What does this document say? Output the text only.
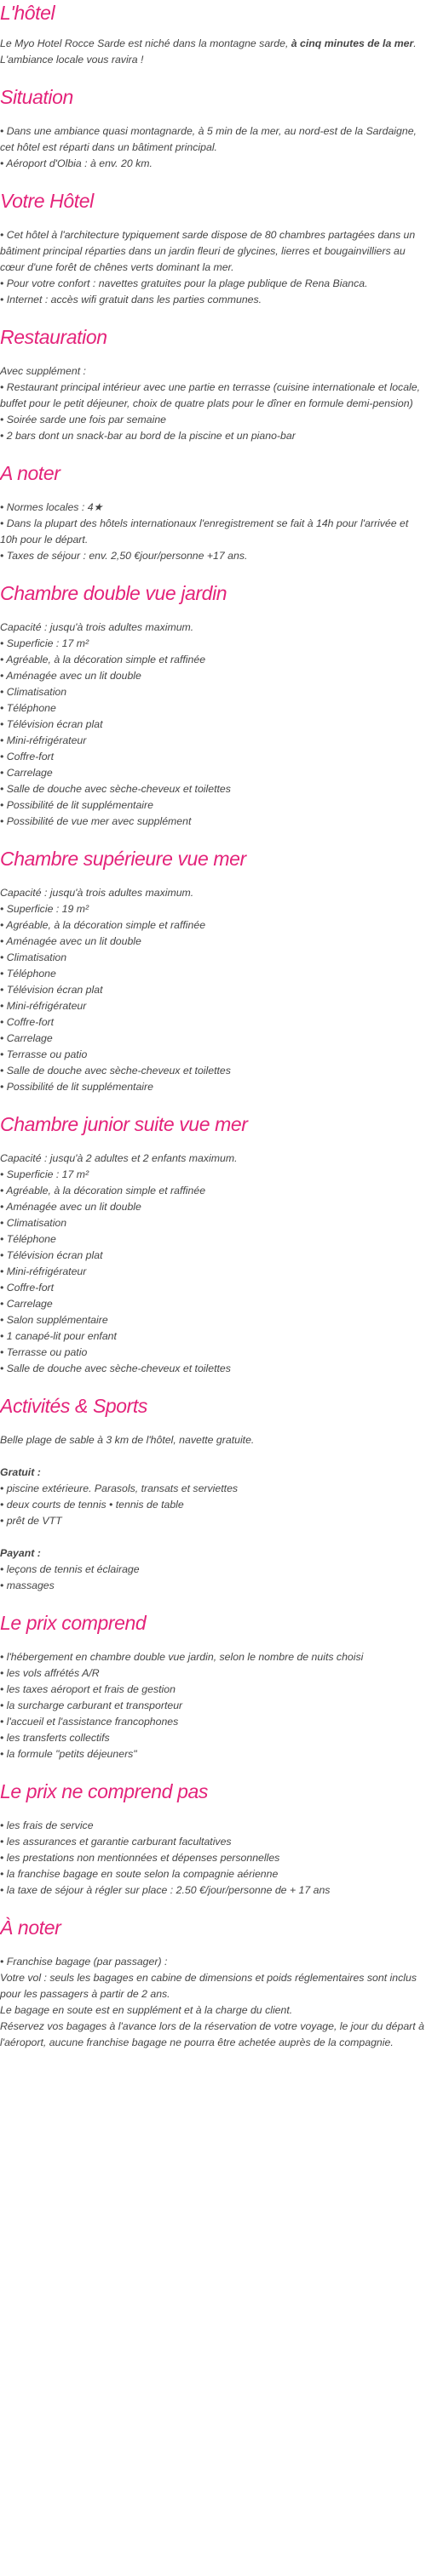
L'hôtel

Le Myo Hotel Rocce Sarde est niché dans la montagne sarde, à cinq minutes de la mer. L'ambiance locale vous ravira !

Situation
• Dans une ambiance quasi montagnarde, à 5 min de la mer, au nord-est de la Sardaigne, cet hôtel est réparti dans un bâtiment principal.
• Aéroport d'Olbia : à env. 20 km.
Votre Hôtel
• Cet hôtel à l'architecture typiquement sarde dispose de 80 chambres partagées dans un bâtiment principal réparties dans un jardin fleuri de glycines, lierres et bougainvilliers au cœur d'une forêt de chênes verts dominant la mer.
• Pour votre confort : navettes gratuites pour la plage publique de Rena Bianca.
• Internet : accès wifi gratuit dans les parties communes.
Restauration
Avec supplément :
• Restaurant principal intérieur avec une partie en terrasse (cuisine internationale et locale, buffet pour le petit déjeuner, choix de quatre plats pour le dîner en formule demi-pension)
• Soirée sarde une fois par semaine
• 2 bars dont un snack-bar au bord de la piscine et un piano-bar
A noter
• Normes locales : 4★
• Dans la plupart des hôtels internationaux l'enregistrement se fait à 14h pour l'arrivée et 10h pour le départ.
• Taxes de séjour : env. 2,50 €jour/personne +17 ans.
Chambre double vue jardin
Capacité : jusqu'à trois adultes maximum.
• Superficie : 17 m²
• Agréable, à la décoration simple et raffinée
• Aménagée avec un lit double
• Climatisation
• Téléphone
• Télévision écran plat
• Mini-réfrigérateur
• Coffre-fort
• Carrelage
• Salle de douche avec sèche-cheveux et toilettes
• Possibilité de lit supplémentaire
• Possibilité de vue mer avec supplément
Chambre supérieure vue mer
Capacité : jusqu'à trois adultes maximum.
• Superficie : 19 m²
• Agréable, à la décoration simple et raffinée
• Aménagée avec un lit double
• Climatisation
• Téléphone
• Télévision écran plat
• Mini-réfrigérateur
• Coffre-fort
• Carrelage
• Terrasse ou patio
• Salle de douche avec sèche-cheveux et toilettes
• Possibilité de lit supplémentaire
Chambre junior suite vue mer
Capacité : jusqu'à 2 adultes et 2 enfants maximum.
• Superficie : 17 m²
• Agréable, à la décoration simple et raffinée
• Aménagée avec un lit double
• Climatisation
• Téléphone
• Télévision écran plat
• Mini-réfrigérateur
• Coffre-fort
• Carrelage
• Salon supplémentaire
• 1 canapé-lit pour enfant
• Terrasse ou patio
• Salle de douche avec sèche-cheveux et toilettes
Activités & Sports
Belle plage de sable à 3 km de l'hôtel, navette gratuite.
Gratuit :
• piscine extérieure. Parasols, transats et serviettes
• deux courts de tennis • tennis de table
• prêt de VTT
Payant :
• leçons de tennis et éclairage
• massages
Le prix comprend
• l'hébergement en chambre double vue jardin, selon le nombre de nuits choisi
• les vols affrétés A/R
• les taxes aéroport et frais de gestion
• la surcharge carburant et transporteur
• l'accueil et l'assistance francophones
• les transferts collectifs
• la formule "petits déjeuners"
Le prix ne comprend pas
• les frais de service
• les assurances et garantie carburant facultatives
• les prestations non mentionnées et dépenses personnelles
• la franchise bagage en soute selon la compagnie aérienne
• la taxe de séjour à régler sur place : 2.50 €/jour/personne de + 17 ans
À noter
• Franchise bagage (par passager) :
Votre vol : seuls les bagages en cabine de dimensions et poids réglementaires sont inclus pour les passagers à partir de 2 ans.
Le bagage en soute est en supplément et à la charge du client.
Réservez vos bagages à l'avance lors de la réservation de votre voyage, le jour du départ à l'aéroport, aucune franchise bagage ne pourra être achetée auprès de la compagnie.
